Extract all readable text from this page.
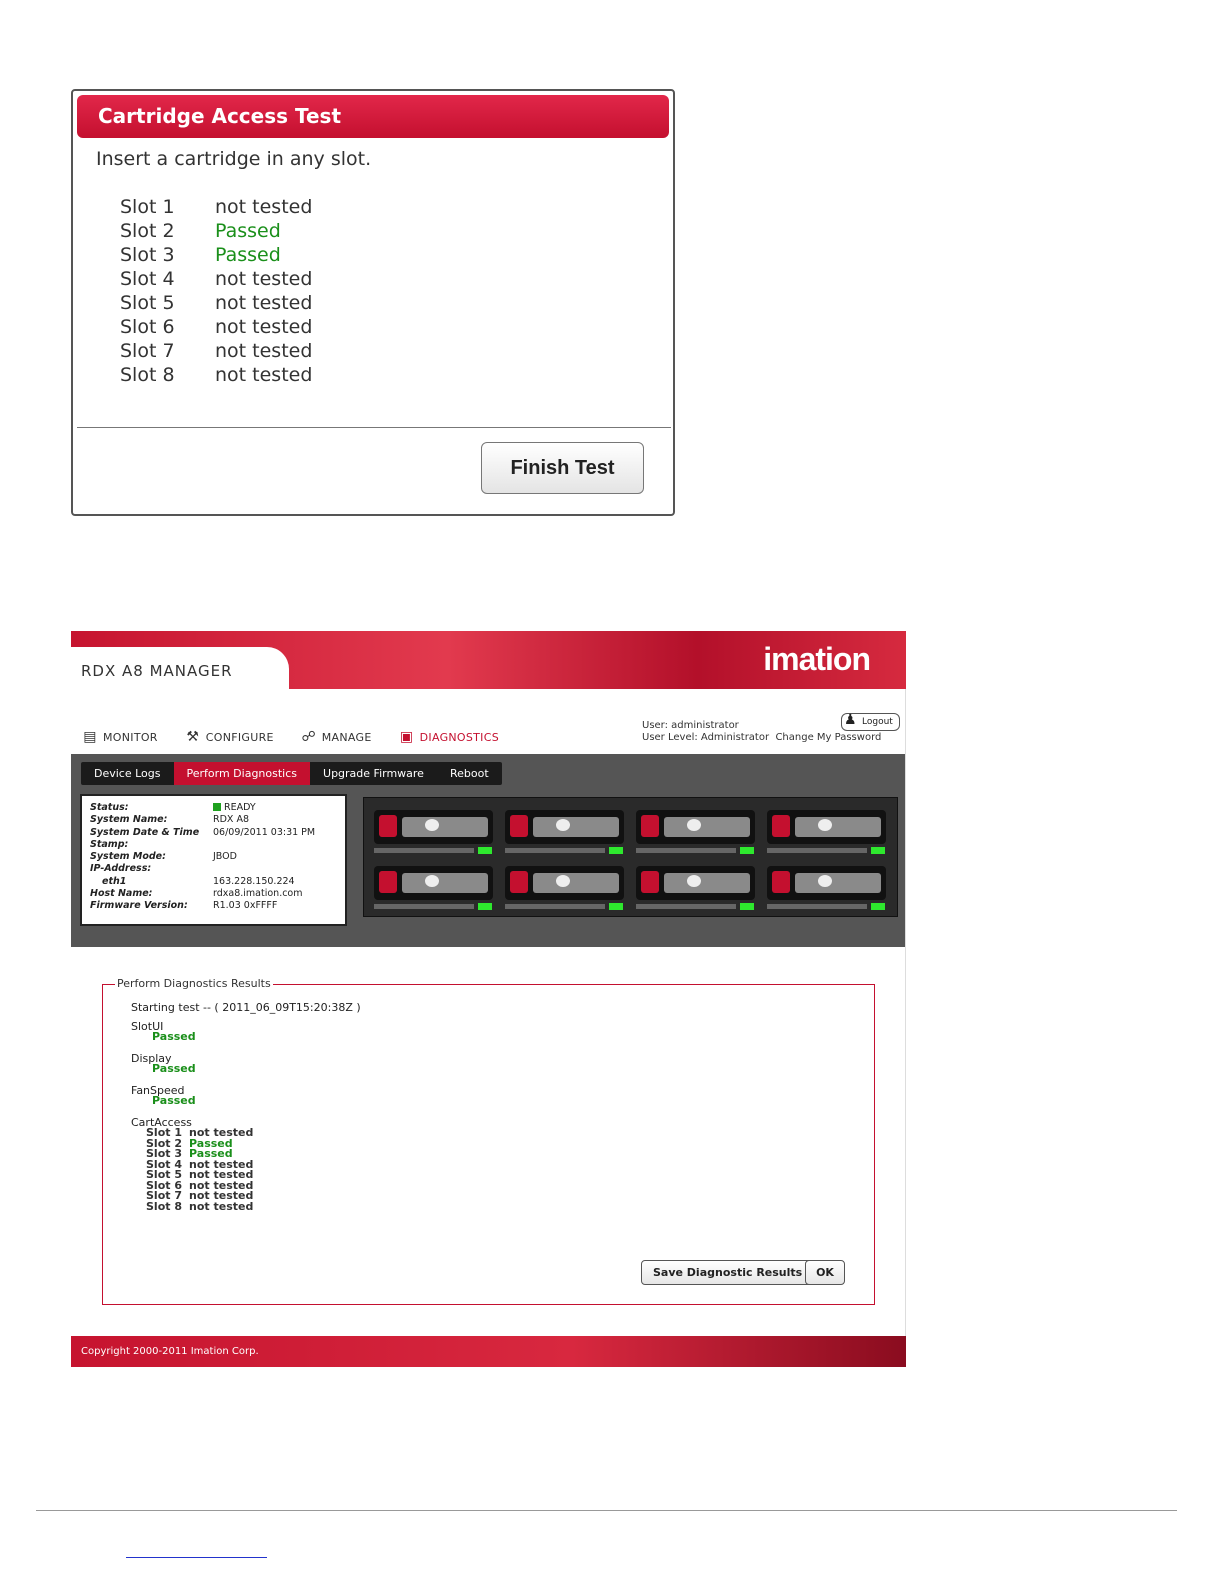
Cartridge Access Test
Insert a cartridge in any slot.
Slot 1	not tested
Slot 2	Passed
Slot 3	Passed
Slot 4	not tested
Slot 5	not tested
Slot 6	not tested
Slot 7	not tested
Slot 8	not tested
Finish Test
RDX A8 MANAGER	imation
▤ MONITOR ⚒ CONFIGURE ☍ MANAGE ▣ DIAGNOSTICS
User: administrator
User Level: Administrator Change My Password
♟ Logout
Device Logs	Perform Diagnostics	Upgrade Firmware	Reboot
Status:	READY
System Name:	RDX A8
System Date & Time	06/09/2011 03:31 PM
Stamp:
System Mode:	JBOD
IP-Address:
eth1	163.228.150.224
Host Name:	rdxa8.imation.com
Firmware Version:	R1.03 0xFFFF
Perform Diagnostics Results
Starting test -- ( 2011_06_09T15:20:38Z )
SlotUI
Passed
Display
Passed
FanSpeed
Passed
CartAccess
Slot 1 not tested
Slot 2 Passed
Slot 3 Passed
Slot 4 not tested
Slot 5 not tested
Slot 6 not tested
Slot 7 not tested
Slot 8 not tested
Save Diagnostic Results	OK
Copyright 2000-2011 Imation Corp.
